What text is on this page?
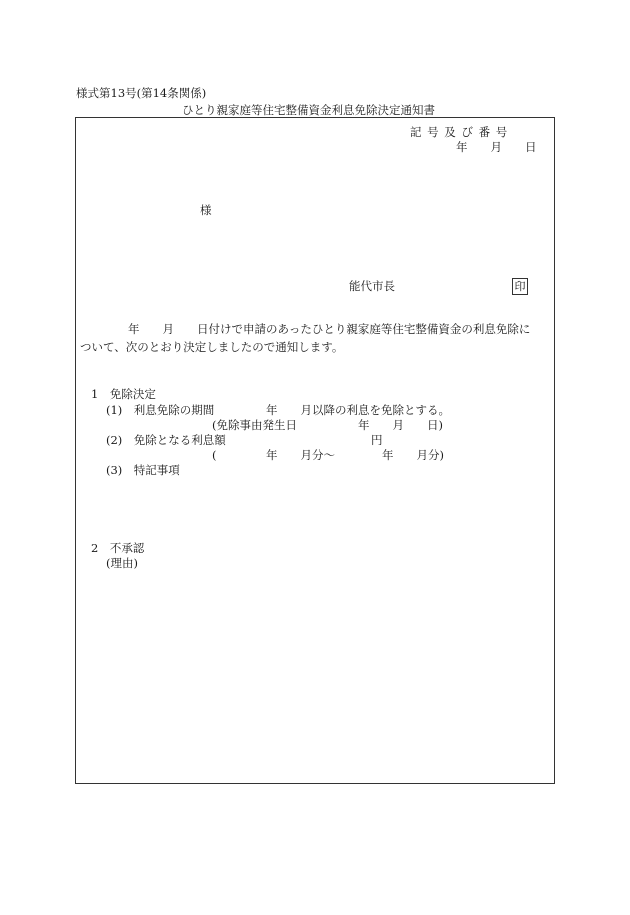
様式第13号(第14条関係)
ひとり親家庭等住宅整備資金利息免除決定通知書
記 号 及 び 番 号
年　　月　　日
様
能代市長	印
年　　月　　日付けで申請のあったひとり親家庭等住宅整備資金の利息免除に
ついて、次のとおり決定しましたので通知します。
1　免除決定
(1)　利息免除の期間	年　　月以降の利息を免除とする。
(免除事由発生日	年　　月　　日)
(2)　免除となる利息額	円
(	年　　月分〜	年　　月分)
(3)　特記事項
2　不承認
(理由)
